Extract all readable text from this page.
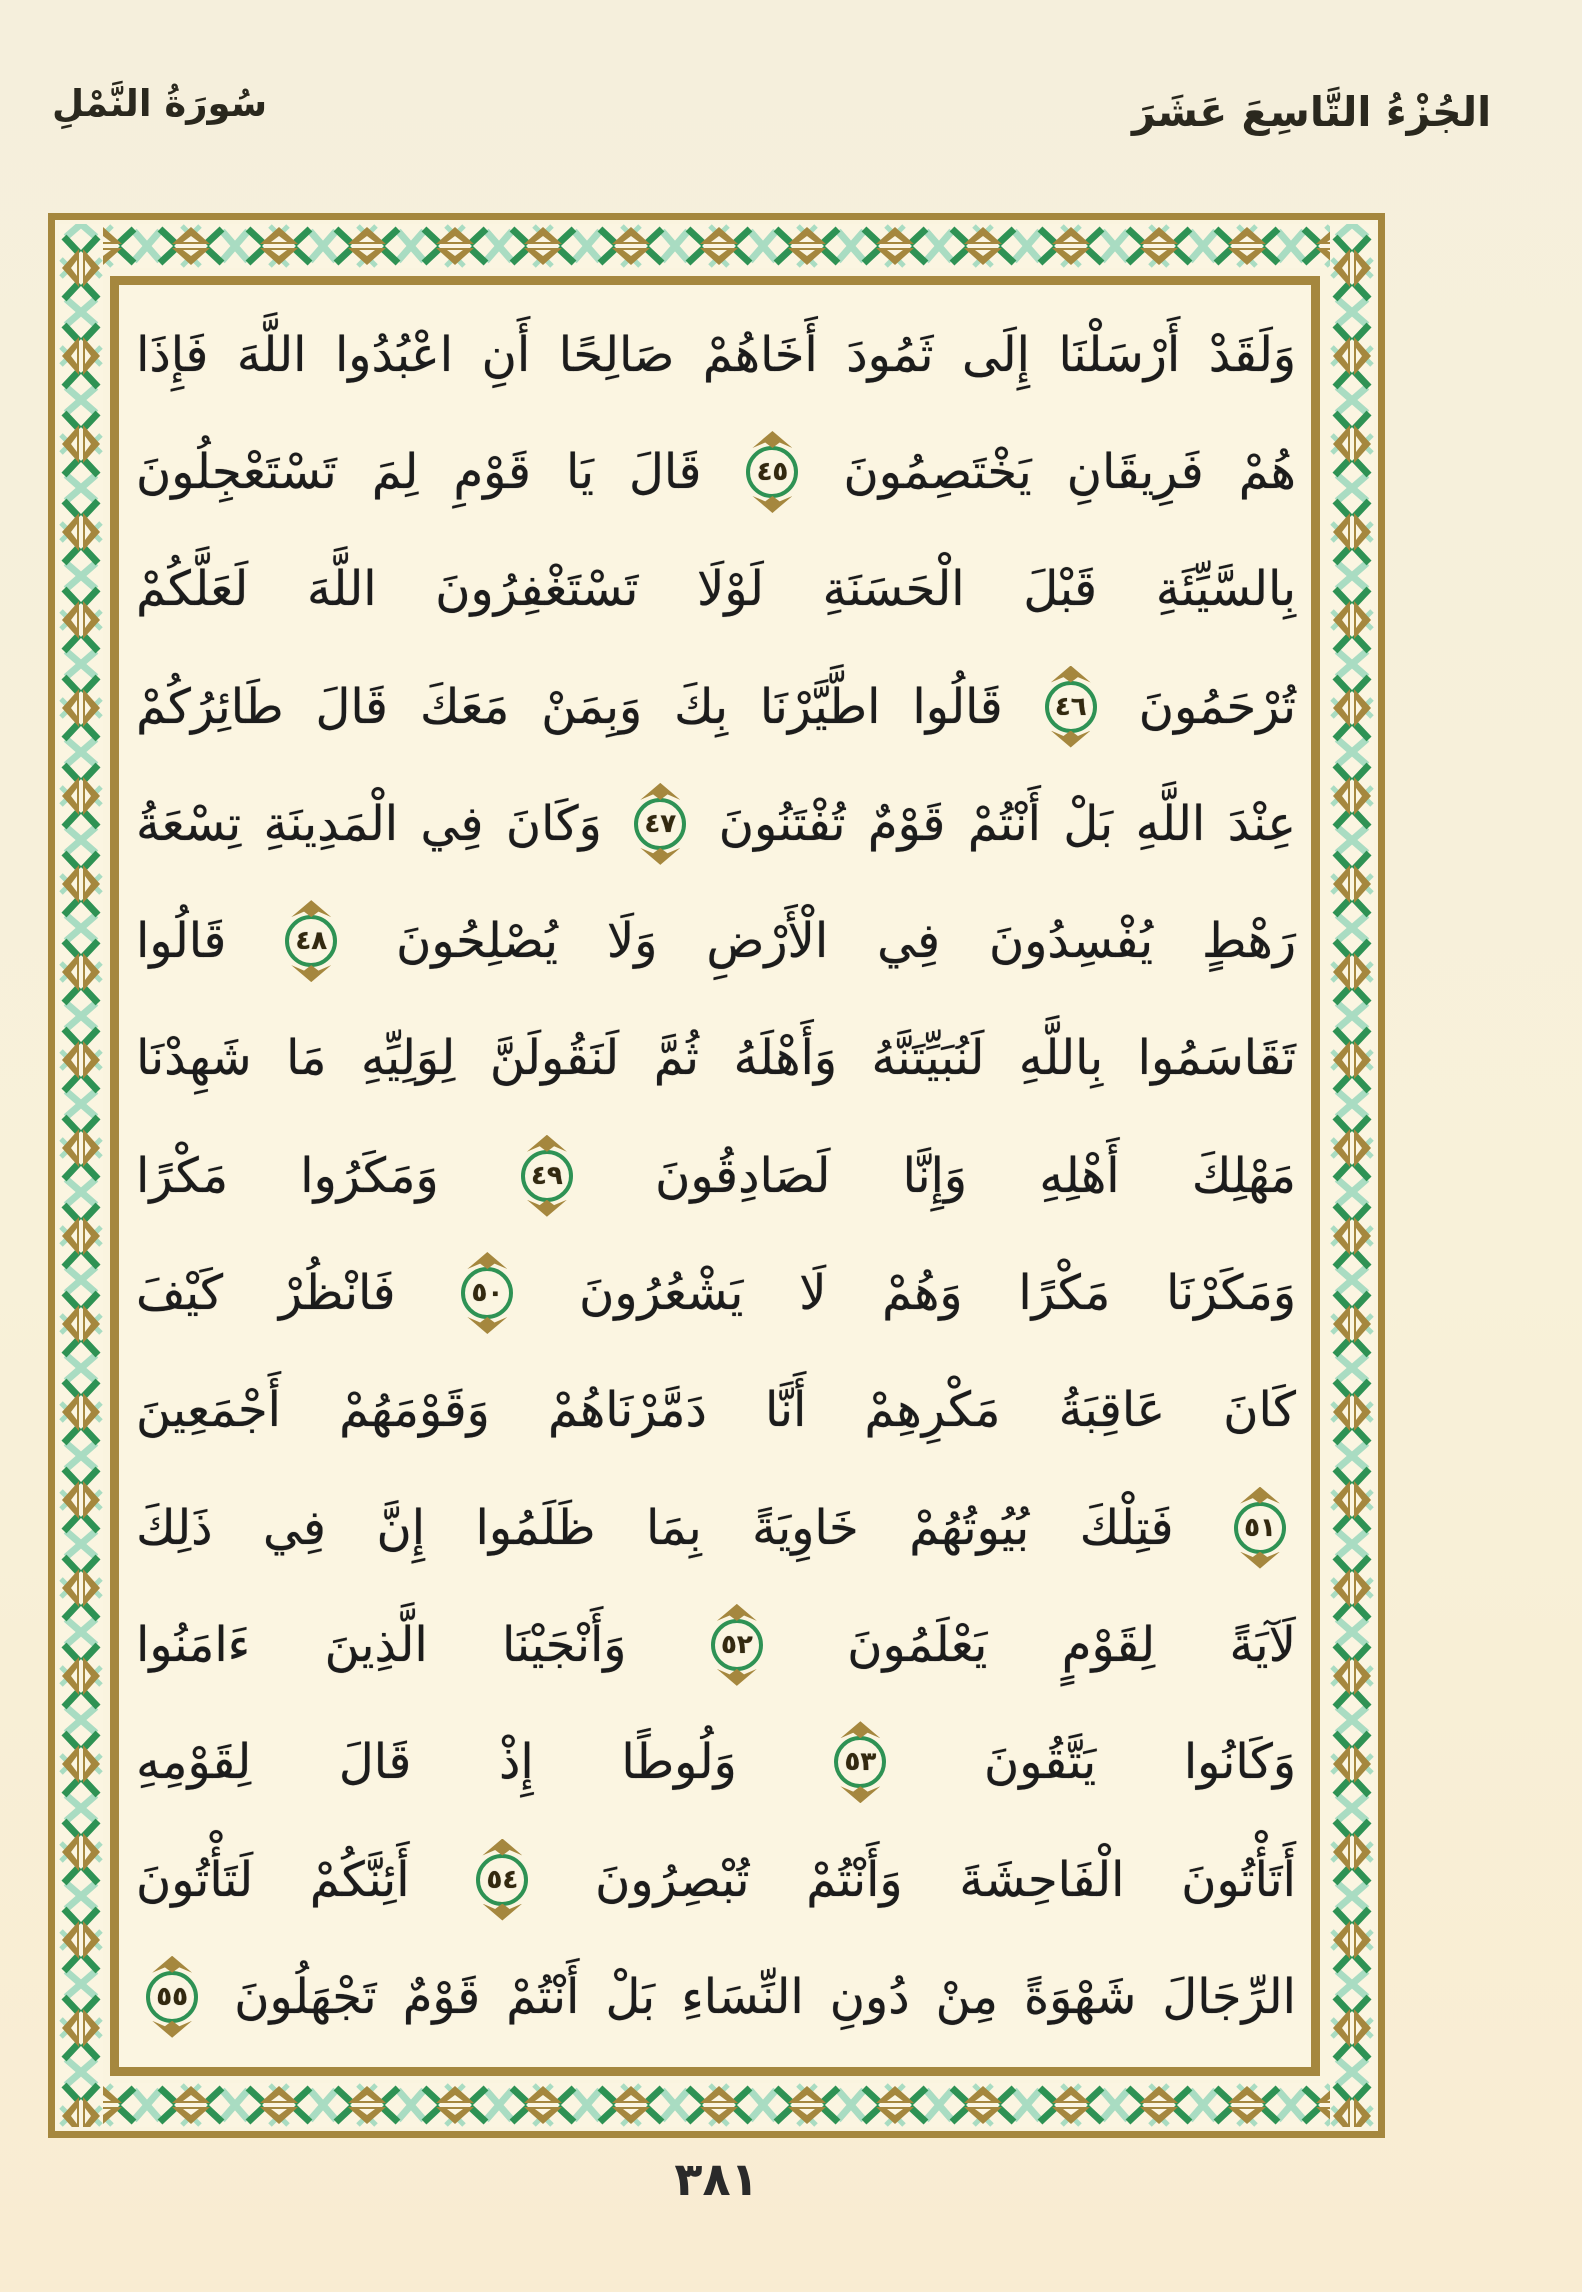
سُورَةُ النَّمْلِ	الجُزْءُ التَّاسِعَ عَشَرَ
وَلَقَدْ
أَرْسَلْنَا
إِلَى
ثَمُودَ
أَخَاهُمْ
صَالِحًا
أَنِ
اعْبُدُوا
اللَّهَ
فَإِذَا
هُمْ
فَرِيقَانِ
يَخْتَصِمُونَ
٤٥
قَالَ
يَا
قَوْمِ
لِمَ
تَسْتَعْجِلُونَ
بِالسَّيِّئَةِ
قَبْلَ
الْحَسَنَةِ
لَوْلَا
تَسْتَغْفِرُونَ
اللَّهَ
لَعَلَّكُمْ
تُرْحَمُونَ
٤٦
قَالُوا
اطَّيَّرْنَا
بِكَ
وَبِمَنْ
مَعَكَ
قَالَ
طَائِرُكُمْ
عِنْدَ
اللَّهِ
بَلْ
أَنْتُمْ
قَوْمٌ
تُفْتَنُونَ
٤٧
وَكَانَ
فِي
الْمَدِينَةِ
تِسْعَةُ
رَهْطٍ
يُفْسِدُونَ
فِي
الْأَرْضِ
وَلَا
يُصْلِحُونَ
٤٨
قَالُوا
تَقَاسَمُوا
بِاللَّهِ
لَنُبَيِّتَنَّهُ
وَأَهْلَهُ
ثُمَّ
لَنَقُولَنَّ
لِوَلِيِّهِ
مَا
شَهِدْنَا
مَهْلِكَ
أَهْلِهِ
وَإِنَّا
لَصَادِقُونَ
٤٩
وَمَكَرُوا
مَكْرًا
وَمَكَرْنَا
مَكْرًا
وَهُمْ
لَا
يَشْعُرُونَ
٥٠
فَانْظُرْ
كَيْفَ
كَانَ
عَاقِبَةُ
مَكْرِهِمْ
أَنَّا
دَمَّرْنَاهُمْ
وَقَوْمَهُمْ
أَجْمَعِينَ
٥١
فَتِلْكَ
بُيُوتُهُمْ
خَاوِيَةً
بِمَا
ظَلَمُوا
إِنَّ
فِي
ذَلِكَ
لَآيَةً
لِقَوْمٍ
يَعْلَمُونَ
٥٢
وَأَنْجَيْنَا
الَّذِينَ
ءَامَنُوا
وَكَانُوا
يَتَّقُونَ
٥٣
وَلُوطًا
إِذْ
قَالَ
لِقَوْمِهِ
أَتَأْتُونَ
الْفَاحِشَةَ
وَأَنْتُمْ
تُبْصِرُونَ
٥٤
أَئِنَّكُمْ
لَتَأْتُونَ
الرِّجَالَ
شَهْوَةً
مِنْ
دُونِ
النِّسَاءِ
بَلْ
أَنْتُمْ
قَوْمٌ
تَجْهَلُونَ
٥٥
٣٨١
